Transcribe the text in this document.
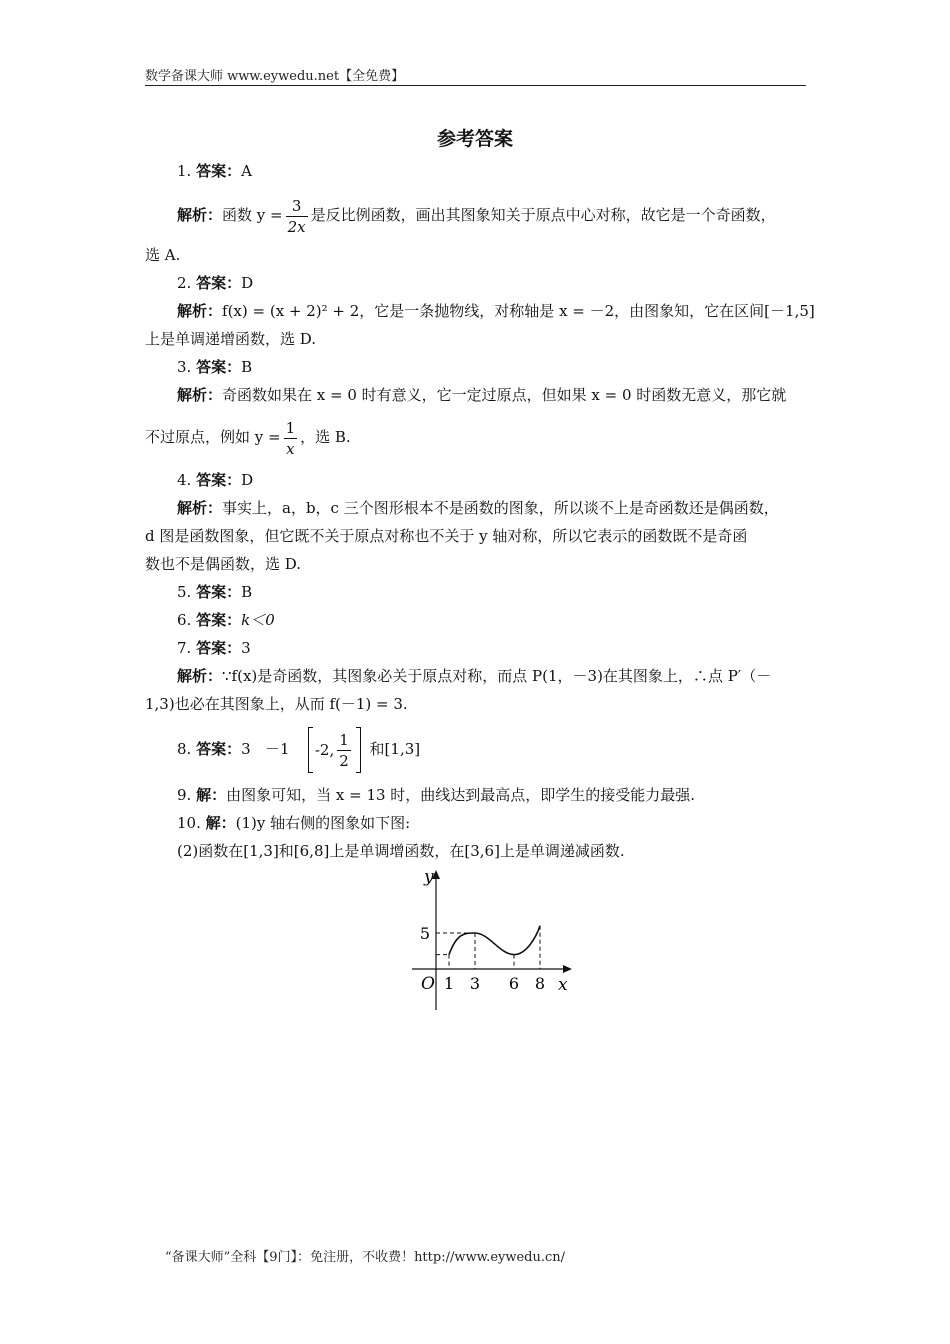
数学备课大师 www.eywedu.net【全免费】
参考答案
1. 答案：A
解析：函数 $y = \frac{3}{2x}$ 是反比例函数，画出其图象知关于原点中心对称，故它是一个奇函数，
选 A.
2. 答案：D
解析：f(x) = (x + 2)² + 2，它是一条抛物线，对称轴是 x = －2，由图象知，它在区间[－1,5]
上是单调递增函数，选 D.
3. 答案：B
解析：奇函数如果在 x = 0 时有意义，它一定过原点，但如果 x = 0 时函数无意义，那它就
不过原点，例如 $y = \frac{1}{x}$ ，选 B.
4. 答案：D
解析：事实上，a，b，c 三个图形根本不是函数的图象，所以谈不上是奇函数还是偶函数，
d 图是函数图象，但它既不关于原点对称也不关于 y 轴对称，所以它表示的函数既不是奇函
数也不是偶函数，选 D.
5. 答案：B
6. 答案：k＜0
7. 答案：3
解析：∵f(x)是奇函数，其图象必关于原点对称，而点 P(1，－3)在其图象上，∴点 P′（－
1,3)也必在其图象上，从而 f(－1) = 3.
8. 答案：3 －1 -2, $\frac{1}{2}$ 和[1,3]
9. 解：由图象可知，当 x = 13 时，曲线达到最高点，即学生的接受能力最强.
10. 解：(1)y 轴右侧的图象如下图:
(2)函数在[1,3]和[6,8]上是单调增函数，在[3,6]上是单调递减函数.
y
x
O
5
1 3 6 8
“备课大师”全科【9门】：免注册，不收费！http://www.eywedu.cn/
